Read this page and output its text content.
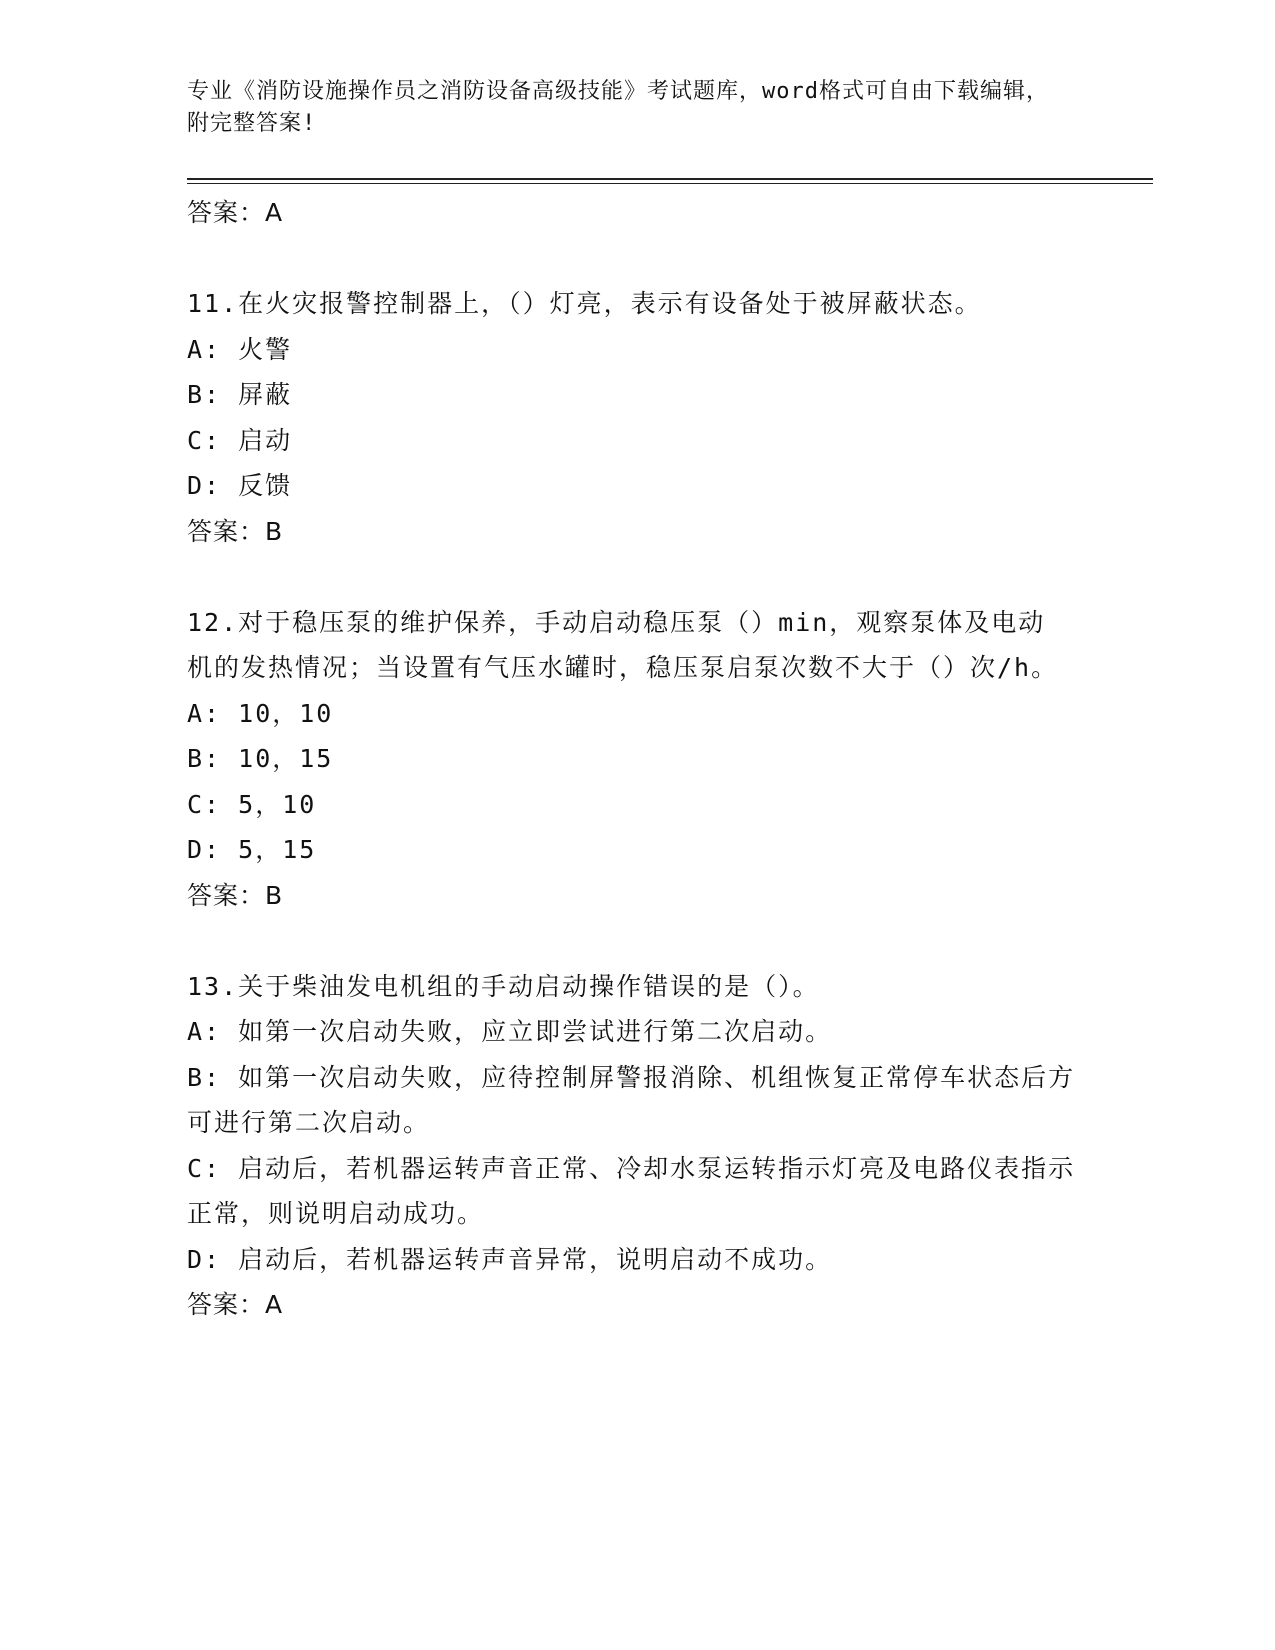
专业《消防设施操作员之消防设备高级技能》考试题库，word格式可自由下载编辑，附完整答案!

答案：A

11.在火灾报警控制器上，（）灯亮，表示有设备处于被屏蔽状态。

A: 火警

B: 屏蔽

C: 启动

D: 反馈

答案：B

12.对于稳压泵的维护保养，手动启动稳压泵（）min，观察泵体及电动机的发热情况；当设置有气压水罐时，稳压泵启泵次数不大于（）次/h。

A: 10，10

B: 10，15

C: 5，10

D: 5，15

答案：B

13.关于柴油发电机组的手动启动操作错误的是（）。

A: 如第一次启动失败，应立即尝试进行第二次启动。

B: 如第一次启动失败，应待控制屏警报消除、机组恢复正常停车状态后方可进行第二次启动。

C: 启动后，若机器运转声音正常、冷却水泵运转指示灯亮及电路仪表指示正常，则说明启动成功。

D: 启动后，若机器运转声音异常，说明启动不成功。

答案：A
